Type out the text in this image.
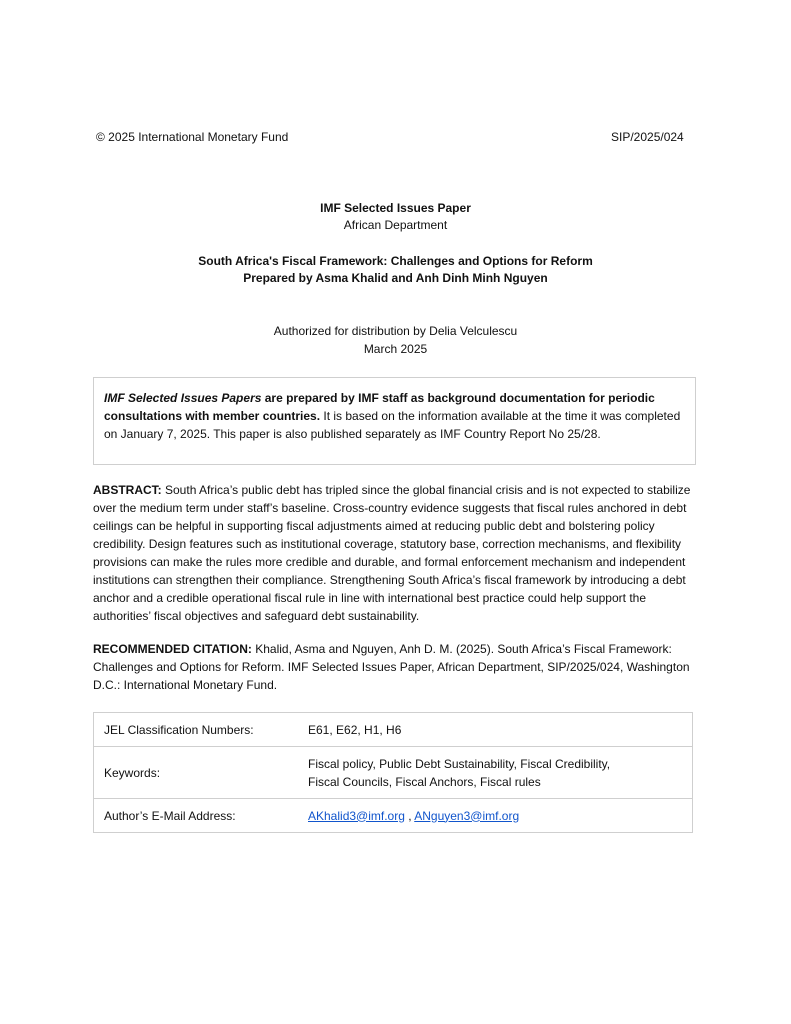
© 2025 International Monetary Fund	SIP/2025/024
IMF Selected Issues Paper
African Department
South Africa's Fiscal Framework: Challenges and Options for Reform
Prepared by Asma Khalid and Anh Dinh Minh Nguyen
Authorized for distribution by Delia Velculescu
March 2025
IMF Selected Issues Papers are prepared by IMF staff as background documentation for periodic consultations with member countries. It is based on the information available at the time it was completed on January 7, 2025. This paper is also published separately as IMF Country Report No 25/28.
ABSTRACT: South Africa’s public debt has tripled since the global financial crisis and is not expected to stabilize over the medium term under staff’s baseline. Cross-country evidence suggests that fiscal rules anchored in debt ceilings can be helpful in supporting fiscal adjustments aimed at reducing public debt and bolstering policy credibility. Design features such as institutional coverage, statutory base, correction mechanisms, and flexibility provisions can make the rules more credible and durable, and formal enforcement mechanism and independent institutions can strengthen their compliance. Strengthening South Africa’s fiscal framework by introducing a debt anchor and a credible operational fiscal rule in line with international best practice could help support the authorities’ fiscal objectives and safeguard debt sustainability.
RECOMMENDED CITATION: Khalid, Asma and Nguyen, Anh D. M. (2025). South Africa’s Fiscal Framework: Challenges and Options for Reform. IMF Selected Issues Paper, African Department, SIP/2025/024, Washington D.C.: International Monetary Fund.
JEL Classification Numbers:	E61, E62, H1, H6
Keywords:	Fiscal policy, Public Debt Sustainability, Fiscal Credibility,
Fiscal Councils, Fiscal Anchors, Fiscal rules

Author’s E-Mail Address:	AKhalid3@imf.org , ANguyen3@imf.org
